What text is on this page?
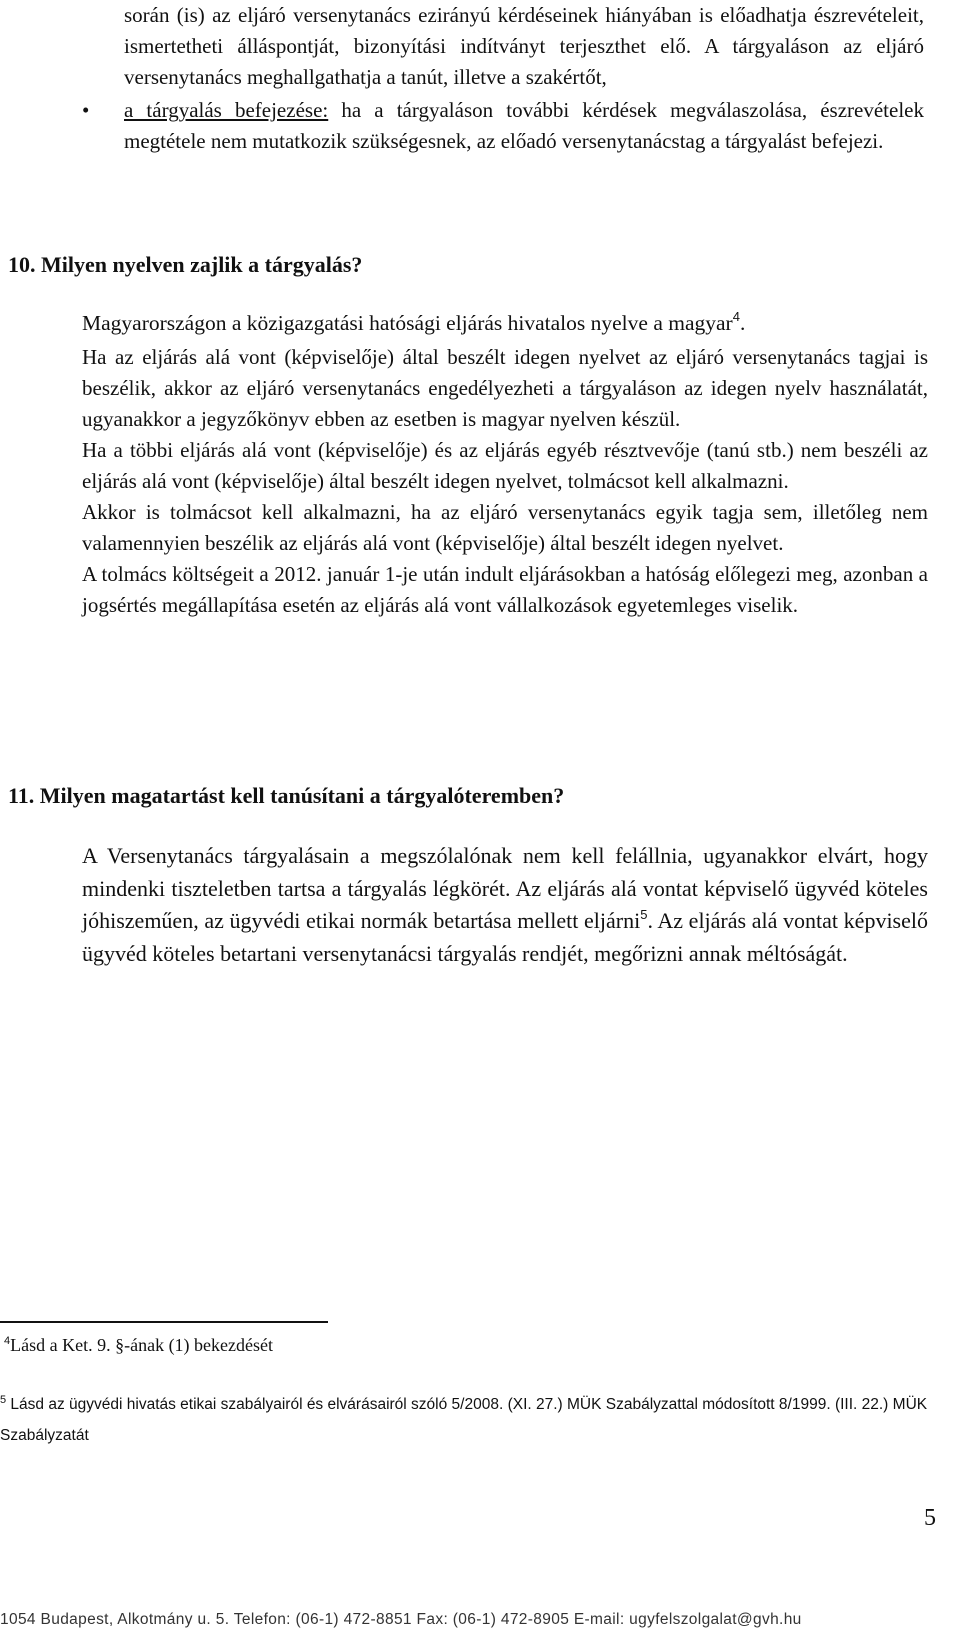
során (is) az eljáró versenytanács ezirányú kérdéseinek hiányában is előadhatja észrevételeit, ismertetheti álláspontját, bizonyítási indítványt terjeszthet elő. A tárgyaláson az eljáró versenytanács meghallgathatja a tanút, illetve a szakértőt,
• a tárgyalás befejezése: ha a tárgyaláson további kérdések megválaszolása, észrevételek megtétele nem mutatkozik szükségesnek, az előadó versenytanácstag a tárgyalást befejezi.
10. Milyen nyelven zajlik a tárgyalás?
Magyarországon a közigazgatási hatósági eljárás hivatalos nyelve a magyar$^4$.
Ha az eljárás alá vont (képviselője) által beszélt idegen nyelvet az eljáró versenytanács tagjai is beszélik, akkor az eljáró versenytanács engedélyezheti a tárgyaláson az idegen nyelv használatát, ugyanakkor a jegyzőkönyv ebben az esetben is magyar nyelven készül.
Ha a többi eljárás alá vont (képviselője) és az eljárás egyéb résztvevője (tanú stb.) nem beszéli az eljárás alá vont (képviselője) által beszélt idegen nyelvet, tolmácsot kell alkalmazni.
Akkor is tolmácsot kell alkalmazni, ha az eljáró versenytanács egyik tagja sem, illetőleg nem valamennyien beszélik az eljárás alá vont (képviselője) által beszélt idegen nyelvet.
A tolmács költségeit a 2012. január 1-je után indult eljárásokban a hatóság előlegezi meg, azonban a jogsértés megállapítása esetén az eljárás alá vont vállalkozások egyetemleges viselik.
11. Milyen magatartást kell tanúsítani a tárgyalóteremben?
A Versenytanács tárgyalásain a megszólalónak nem kell felállnia, ugyanakkor elvárt, hogy mindenki tiszteletben tartsa a tárgyalás légkörét. Az eljárás alá vontat képviselő ügyvéd köteles jóhiszeműen, az ügyvédi etikai normák betartása mellett eljárni$^5$. Az eljárás alá vontat képviselő ügyvéd köteles betartani versenytanácsi tárgyalás rendjét, megőrizni annak méltóságát.
$^4$Lásd a Ket. 9. §-ának (1) bekezdését
$^5$ Lásd az ügyvédi hivatás etikai szabályairól és elvárásairól szóló 5/2008. (XI. 27.) MÜK Szabályzattal módosított 8/1999. (III. 22.) MÜK Szabályzatát
5
1054 Budapest, Alkotmány u. 5. Telefon: (06-1) 472-8851 Fax: (06-1) 472-8905 E-mail: ugyfelszolgalat@gvh.hu
